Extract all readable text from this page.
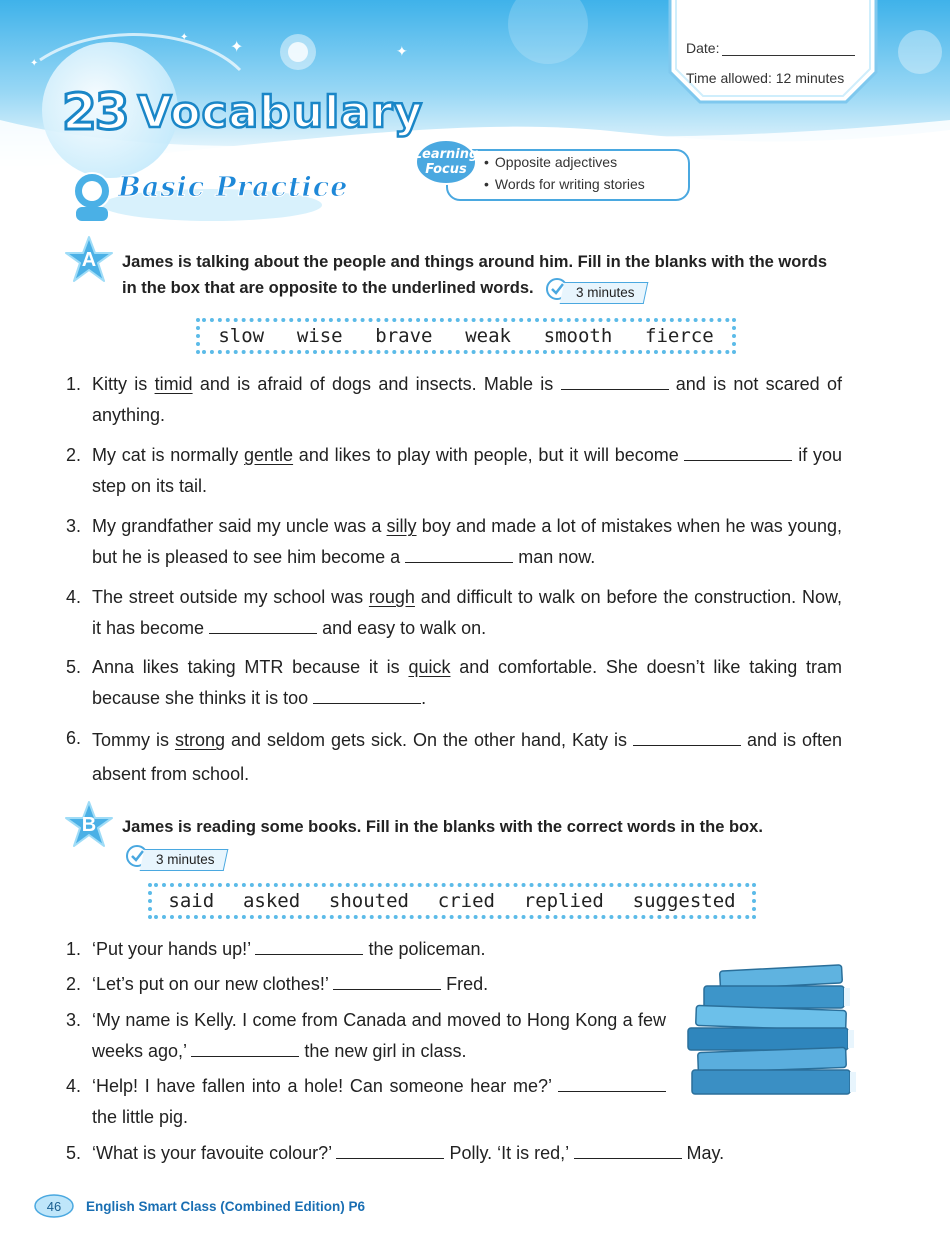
✦	✦
✦
✦
23 Vocabulary
Date:
Time allowed: 12 minutes
Basic Practice
Learning
Focus
•	Opposite adjectives
• Words for writing stories
A	James is talking about the people and things around him. Fill in the blanks with the words in the box that are opposite to the underlined words.	3 minutes
slow wise brave weak smooth fierce
1. Kitty is timid and is afraid of dogs and insects. Mable is	and is not scared of anything.
2. My cat is normally gentle and likes to play with people, but it will become	if you step on its tail.
3. My grandfather said my uncle was a silly boy and made a lot of mistakes when he was young, but he is pleased to see him become a	man now.
4. The street outside my school was rough and difficult to walk on before the construction. Now, it has become	and easy to walk on.
5. Anna likes taking MTR because it is quick and comfortable. She doesn’t like taking tram because she thinks it is too	.
6. Tommy is strong and seldom gets sick. On the other hand, Katy is	and is often absent from school.
B	James is reading some books. Fill in the blanks with the correct words in the box.
3 minutes
said asked shouted cried replied suggested
1. ‘Put your hands up!’	the policeman.
2. ‘Let’s put on our new clothes!’	Fred.
3. ‘My name is Kelly. I come from Canada and moved to Hong Kong a few weeks ago,’	the new girl in class.
4. ‘Help! I have fallen into a hole! Can someone hear me?’  the little pig.
5. ‘What is your favouite colour?’	Polly. ‘It is red,’	May.
46 English Smart Class (Combined Edition) P6
